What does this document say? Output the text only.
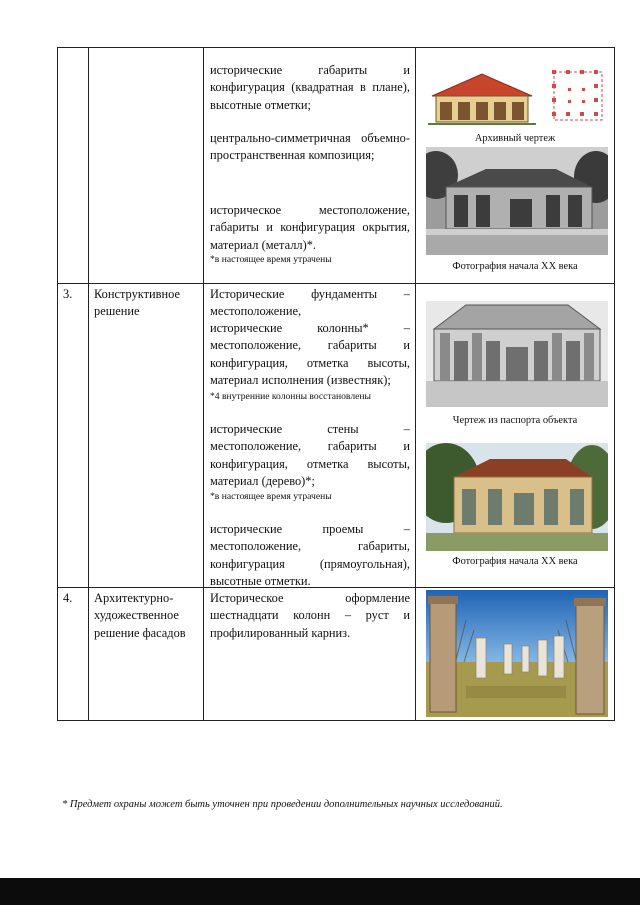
исторические габариты и конфигурация (квадратная в плане), высотные отметки;
центрально-симметричная объемно-пространственная композиция;
историческое местоположение, габариты и конфигурация окрытия, материал (металл)*.
*в настоящее время утрачены
Архивный чертеж
Фотография начала ХХ века
3. Конструктивное решение
Исторические фундаменты – местоположение,
исторические колонны* – местоположение, габариты и конфигурация, отметка высоты, материал исполнения (известняк);
*4 внутренние колонны восстановлены
исторические стены – местоположение, габариты и конфигурация, отметка высоты, материал (дерево)*;
*в настоящее время утрачены
исторические проемы – местоположение, габариты, конфигурация (прямоугольная), высотные отметки.
Чертеж из паспорта объекта
Фотография начала ХХ века
4. Архитектурно-художественное решение фасадов
Историческое оформление шестнадцати колонн – руст и профилированный карниз.
* Предмет охраны может быть уточнен при проведении дополнительных научных исследований.
